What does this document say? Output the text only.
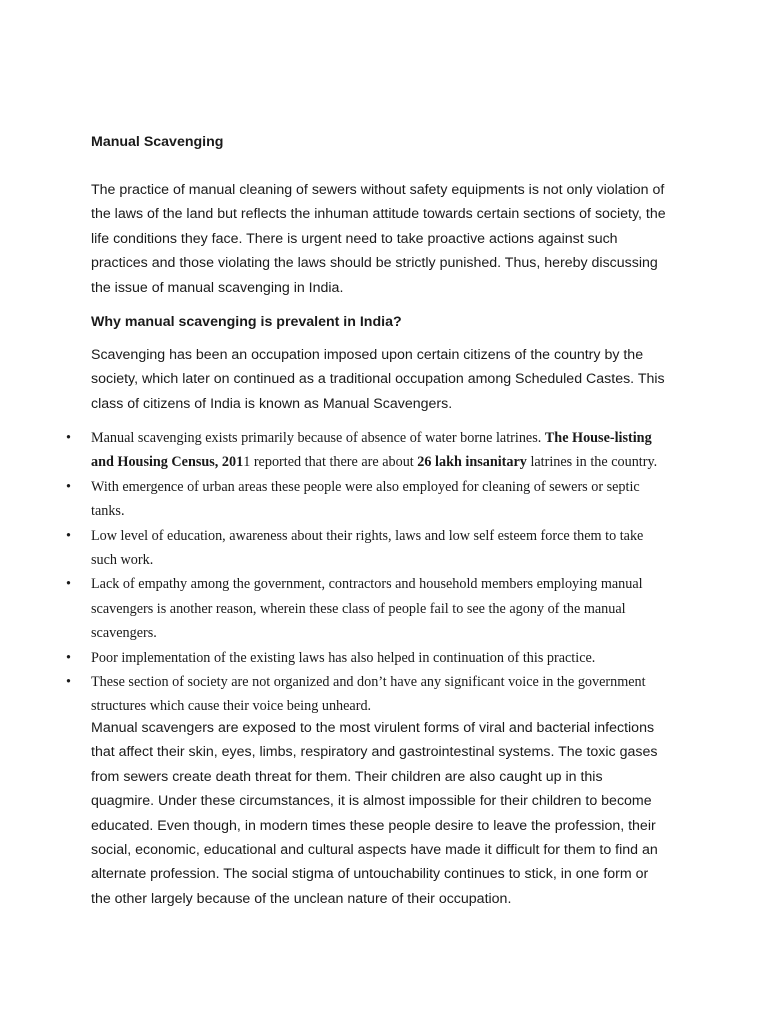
Manual Scavenging
The practice of manual cleaning of sewers without safety equipments is not only violation of
the laws of the land but reflects the inhuman attitude towards certain sections of society, the
life conditions they face. There is urgent need to take proactive actions against such
practices and those violating the laws should be strictly punished. Thus, hereby discussing
the issue of manual scavenging in India.
Why manual scavenging is prevalent in India?
Scavenging has been an occupation imposed upon certain citizens of the country by the
society, which later on continued as a traditional occupation among Scheduled Castes. This
class of citizens of India is known as Manual Scavengers.
• Manual scavenging exists primarily because of absence of water borne latrines. The House-listing
and Housing Census, 2011 reported that there are about 26 lakh insanitary latrines in the country.
• With emergence of urban areas these people were also employed for cleaning of sewers or septic
tanks.
• Low level of education, awareness about their rights, laws and low self esteem force them to take
such work.
• Lack of empathy among the government, contractors and household members employing manual
scavengers is another reason, wherein these class of people fail to see the agony of the manual
scavengers.
• Poor implementation of the existing laws has also helped in continuation of this practice.
• These section of society are not organized and don’t have any significant voice in the government
structures which cause their voice being unheard.
Manual scavengers are exposed to the most virulent forms of viral and bacterial infections
that affect their skin, eyes, limbs, respiratory and gastrointestinal systems. The toxic gases
from sewers create death threat for them. Their children are also caught up in this
quagmire. Under these circumstances, it is almost impossible for their children to become
educated. Even though, in modern times these people desire to leave the profession, their
social, economic, educational and cultural aspects have made it difficult for them to find an
alternate profession. The social stigma of untouchability continues to stick, in one form or
the other largely because of the unclean nature of their occupation.
